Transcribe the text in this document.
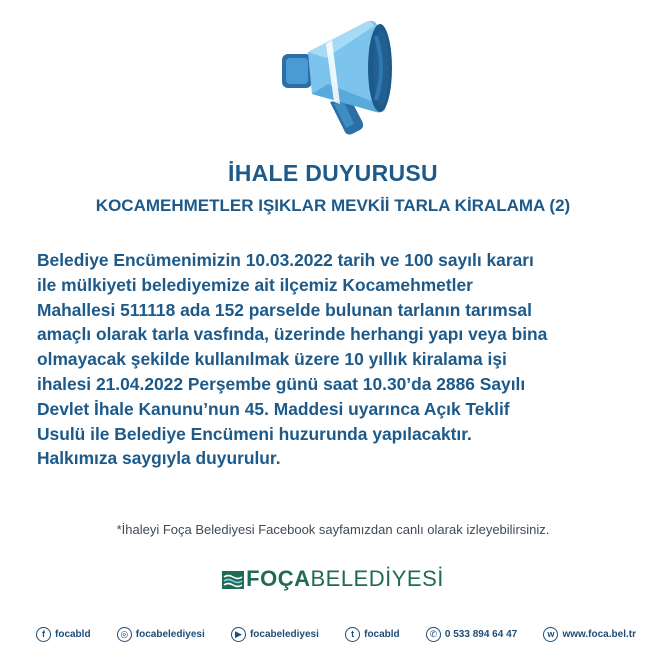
İHALE DUYURUSU
KOCAMEHMETLER IŞIKLAR MEVKİİ TARLA KİRALAMA (2)
Belediye Encümenimizin 10.03.2022 tarih ve 100 sayılı kararı
ile mülkiyeti belediyemize ait ilçemiz Kocamehmetler
Mahallesi 511118 ada 152 parselde bulunan tarlanın tarımsal
amaçlı olarak tarla vasfında, üzerinde herhangi yapı veya bina
olmayacak şekilde kullanılmak üzere 10 yıllık kiralama işi
ihalesi 21.04.2022 Perşembe günü saat 10.30’da 2886 Sayılı
Devlet İhale Kanunu’nun 45. Maddesi uyarınca Açık Teklif
Usulü ile Belediye Encümeni huzurunda yapılacaktır.
Halkımıza saygıyla duyurulur.
*İhaleyi Foça Belediyesi Facebook sayfamızdan canlı olarak izleyebilirsiniz.
FOÇABELEDİYESİ
f	focabld	◎ focabelediyesi	▶ focabelediyesi	t	focabld	✆ 0 533 894 64 47	w www.foca.bel.tr
